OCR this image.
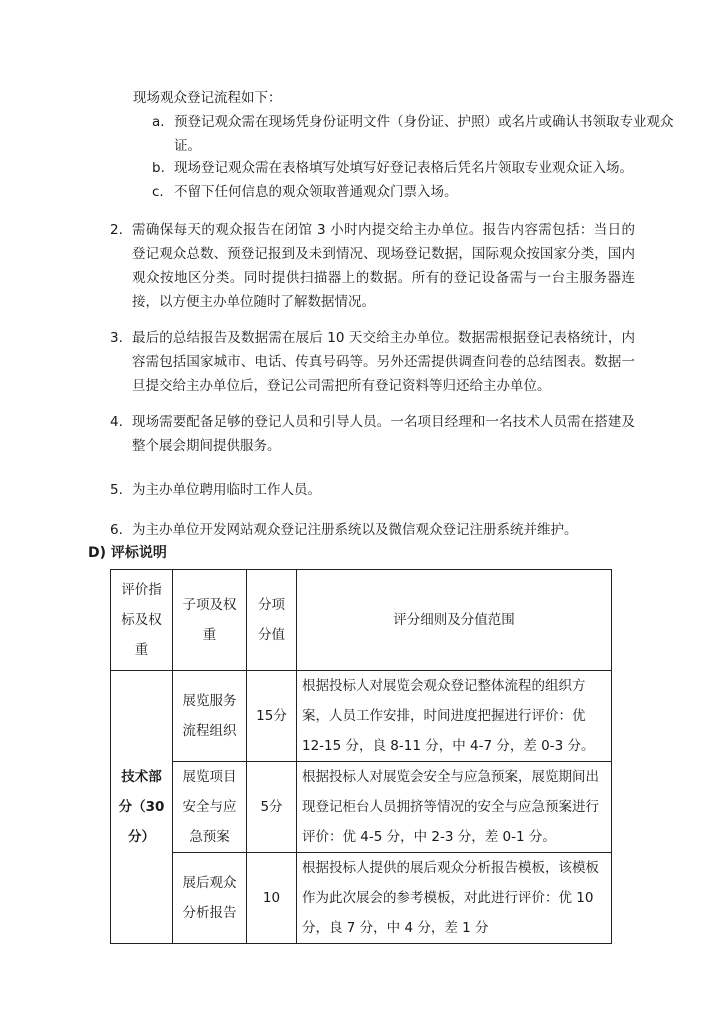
现场观众登记流程如下：
a. 预登记观众需在现场凭身份证明文件（身份证、护照）或名片或确认书领取专业观众证。
b. 现场登记观众需在表格填写处填写好登记表格后凭名片领取专业观众证入场。
c. 不留下任何信息的观众领取普通观众门票入场。
2. 需确保每天的观众报告在闭馆 3 小时内提交给主办单位。报告内容需包括：当日的登记观众总数、预登记报到及未到情况、现场登记数据，国际观众按国家分类，国内观众按地区分类。同时提供扫描器上的数据。所有的登记设备需与一台主服务器连接，以方便主办单位随时了解数据情况。
3. 最后的总结报告及数据需在展后 10 天交给主办单位。数据需根据登记表格统计，内容需包括国家城市、电话、传真号码等。另外还需提供调查问卷的总结图表。数据一旦提交给主办单位后，登记公司需把所有登记资料等归还给主办单位。
4. 现场需要配备足够的登记人员和引导人员。一名项目经理和一名技术人员需在搭建及整个展会期间提供服务。
5. 为主办单位聘用临时工作人员。
6. 为主办单位开发网站观众登记注册系统以及微信观众登记注册系统并维护。
D) 评标说明
评价指标及权重	子项及权重	分项分值	评分细则及分值范围
技术部分（30分）	展览服务流程组织	15分	根据投标人对展览会观众登记整体流程的组织方案，人员工作安排，时间进度把握进行评价：优 12-15 分，良 8-11 分，中 4-7 分，差 0-3 分。
	展览项目安全与应急预案	5分	根据投标人对展览会安全与应急预案，展览期间出现登记柜台人员拥挤等情况的安全与应急预案进行评价：优 4-5 分，中 2-3 分，差 0-1 分。
	展后观众分析报告	10	根据投标人提供的展后观众分析报告模板，该模板作为此次展会的参考模板，对此进行评价：优 10 分，良 7 分，中 4 分，差 1 分
